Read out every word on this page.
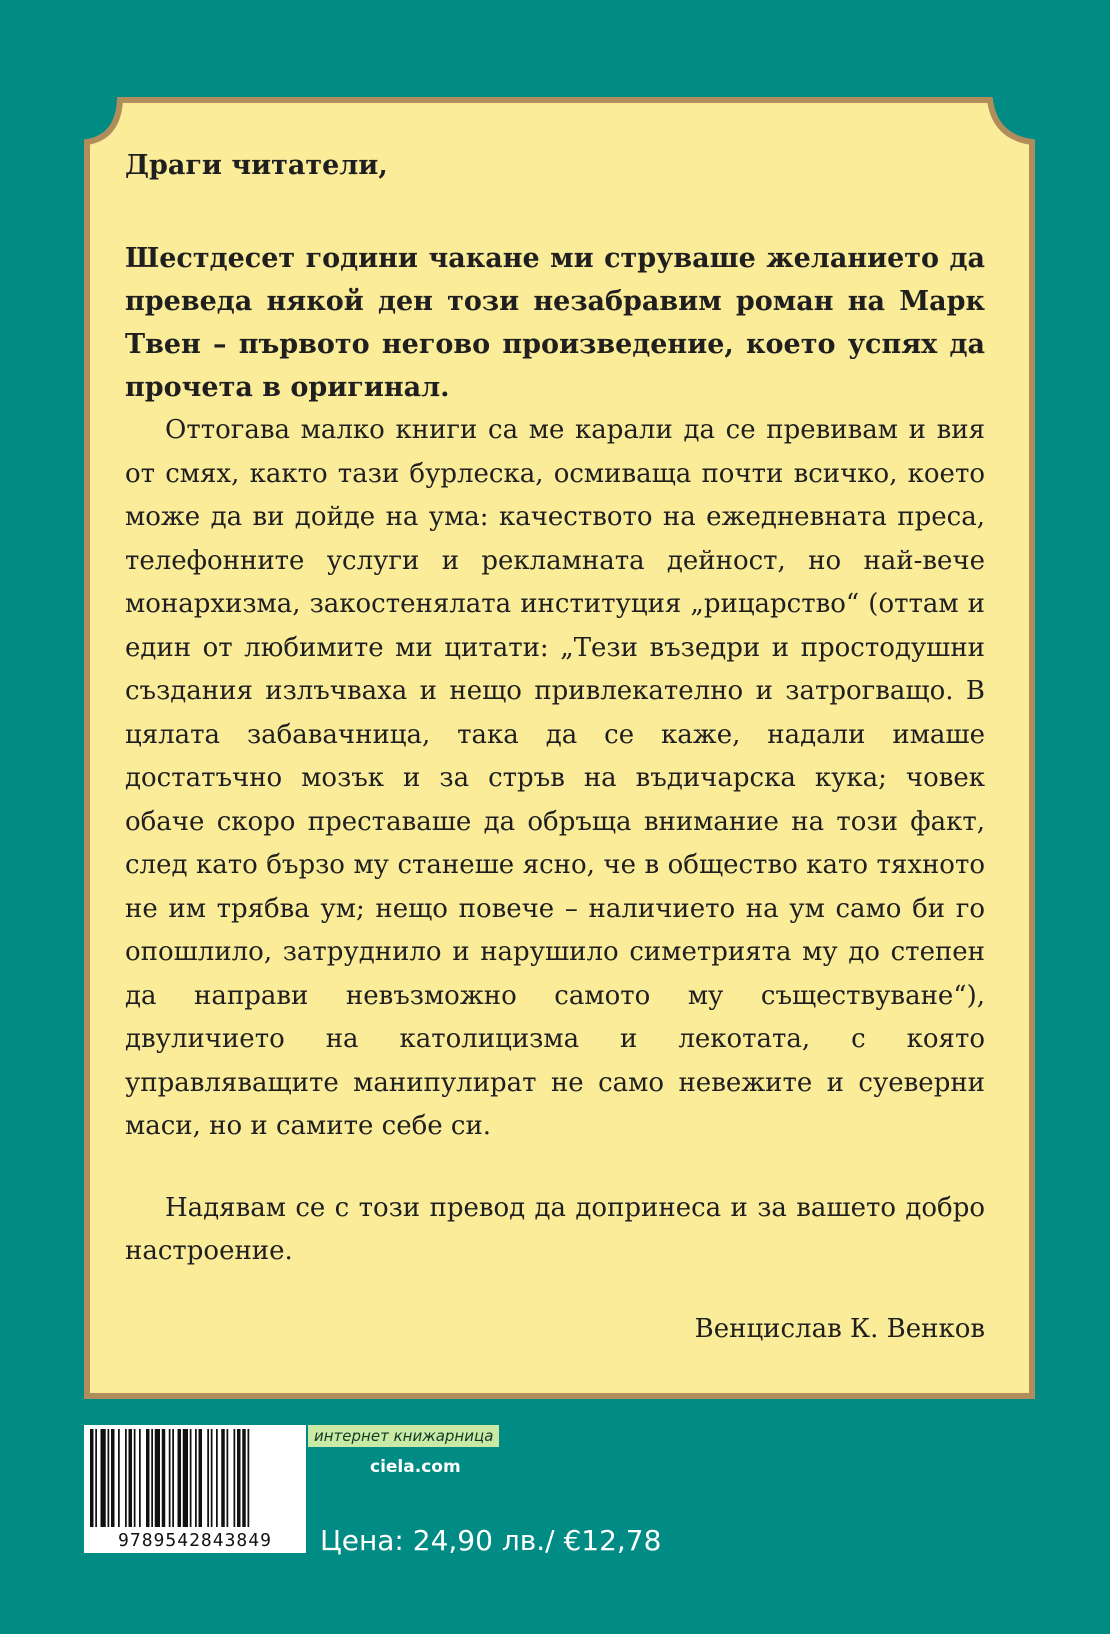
Драги читатели,

Шестдесет години чакане ми струваше желанието да преведа някой ден този незабравим роман на Марк Твен – първото негово произведение, което успях да прочета в оригинал.

Оттогава малко книги са ме карали да се превивам и вия от смях, както тази бурлеска, осмиваща почти всичко, което може да ви дойде на ума: качеството на ежедневната преса, телефонните услуги и рекламната дейност, но най-вече монархизма, закостенялата институция „рицарство“ (оттам и един от любимите ми цитати: „Тези възедри и простодушни създания излъчваха и нещо привлекателно и затрогващо. В цялата забавачница, така да се каже, надали имаше достатъчно мозък и за стръв на въдичарска кука; човек обаче скоро преставаше да обръща внимание на този факт, след като бързо му станеше ясно, че в общество като тяхното не им трябва ум; нещо повече – наличието на ум само би го опошлило, затруднило и нарушило симетрията му до степен да направи невъзможно самото му съществуване“), двуличието на католицизма и лекотата, с която управляващите манипулират не само невежите и суеверни маси, но и самите себе си.

Надявам се с този превод да допринеса и за вашето добро настроение.

Венцислав К. Венков

9789542843849
интернет книжарница
ciela.com
Цена: 24,90 лв./ €12,78
